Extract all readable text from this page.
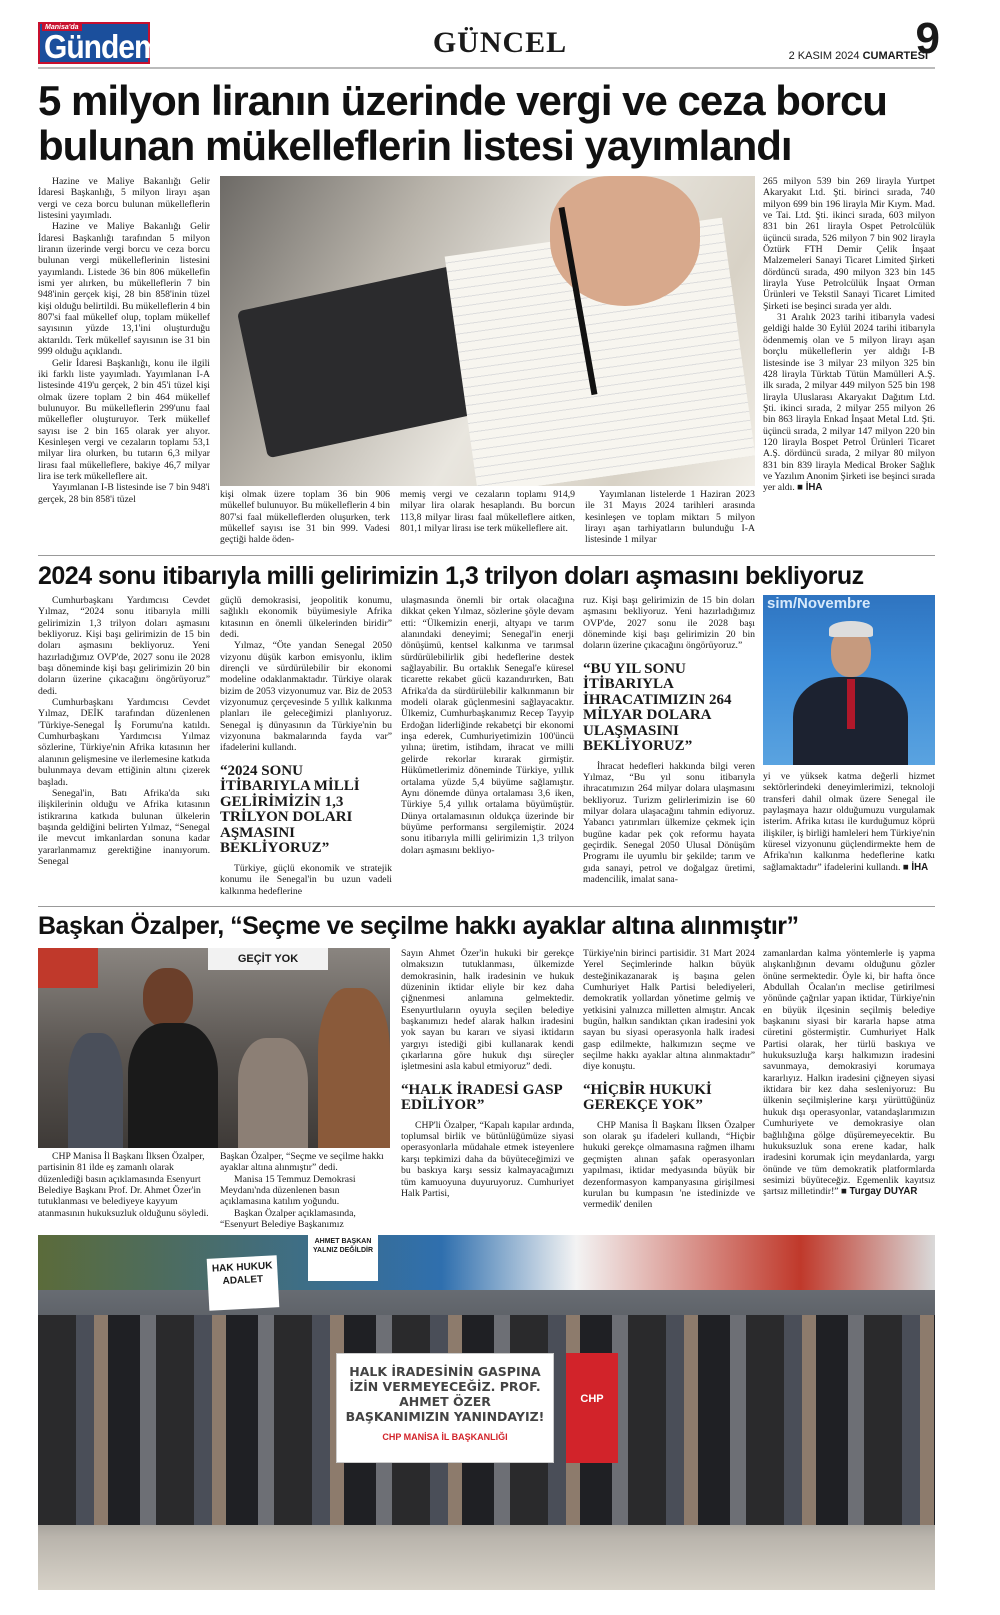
Manisa'da
Gündem	GÜNCEL	2 KASIM 2024 CUMARTESİ
9
5 milyon liranın üzerinde vergi ve ceza borcu bulunan mükelleflerin listesi yayımlandı

Hazine ve Maliye Bakanlığı Gelir İdaresi Başkanlığı, 5 milyon lirayı aşan vergi ve ceza borcu bulunan mükelleflerin listesini yayımladı.

Hazine ve Maliye Bakanlığı Gelir İdaresi Başkanlığı tarafından 5 milyon liranın üzerinde vergi borcu ve ceza borcu bulunan vergi mükelleflerinin listesini yayımlandı. Listede 36 bin 806 mükellefin ismi yer alırken, bu mükelleflerin 7 bin 948'inin gerçek kişi, 28 bin 858'inin tüzel kişi olduğu belirtildi. Bu mükelleflerin 4 bin 807'si faal mükellef olup, toplam mükellef sayısının yüzde 13,1'ini oluşturduğu aktarıldı. Terk mükellef sayısının ise 31 bin 999 olduğu açıklandı.

Gelir İdaresi Başkanlığı, konu ile ilgili iki farklı liste yayımladı. Yayımlanan I-A listesinde 419'u gerçek, 2 bin 45'i tüzel kişi olmak üzere toplam 2 bin 464 mükellef bulunuyor. Bu mükelleflerin 299'unu faal mükellefler oluşturuyor. Terk mükellef sayısı ise 2 bin 165 olarak yer alıyor. Kesinleşen vergi ve cezaların toplamı 53,1 milyar lira olurken, bu tutarın 6,3 milyar lirası faal mükelleflere, bakiye 46,7 milyar lira ise terk mükelleflere ait.

Yayımlanan I-B listesinde ise 7 bin 948'i gerçek, 28 bin 858'i tüzel	kişi olmak üzere toplam 36 bin 906 mükellef bulunuyor. Bu mükelleflerin 4 bin 807'si faal mükelleflerden oluşurken, terk mükellef sayısı ise 31 bin 999. Vadesi geçtiği halde öden-

memiş vergi ve cezaların toplamı 914,9 milyar lira olarak hesaplandı. Bu borcun 113,8 milyar lirası faal mükelleflere aitken, 801,1 milyar lirası ise terk mükelleflere ait.

Yayımlanan listelerde 1 Haziran 2023 ile 31 Mayıs 2024 tarihleri arasında kesinleşen ve toplam miktarı 5 milyon lirayı aşan tarhiyatların bulunduğu I-A listesinde 1 milyar

265 milyon 539 bin 269 lirayla Yurtpet Akaryakıt Ltd. Şti. birinci sırada, 740 milyon 699 bin 196 lirayla Mir Kıym. Mad. ve Tai. Ltd. Şti. ikinci sırada, 603 milyon 831 bin 261 lirayla Ospet Petrolcülük üçüncü sırada, 526 milyon 7 bin 902 lirayla Öztürk FTH Demir Çelik İnşaat Malzemeleri Sanayi Ticaret Limited Şirketi dördüncü sırada, 490 milyon 323 bin 145 lirayla Yuse Petrolcülük İnşaat Orman Ürünleri ve Tekstil Sanayi Ticaret Limited Şirketi ise beşinci sırada yer aldı.

31 Aralık 2023 tarihi itibarıyla vadesi geldiği halde 30 Eylül 2024 tarihi itibarıyla ödenmemiş olan ve 5 milyon lirayı aşan borçlu mükelleflerin yer aldığı I-B listesinde ise 3 milyar 23 milyon 325 bin 428 lirayla Türktab Tütün Mamülleri A.Ş. ilk sırada, 2 milyar 449 milyon 525 bin 198 lirayla Uluslarası Akaryakıt Dağıtım Ltd. Şti. ikinci sırada, 2 milyar 255 milyon 26 bin 863 lirayla Enkad İnşaat Metal Ltd. Şti. üçüncü sırada, 2 milyar 147 milyon 220 bin 120 lirayla Bospet Petrol Ürünleri Ticaret A.Ş. dördüncü sırada, 2 milyar 80 milyon 831 bin 839 lirayla Medical Broker Sağlık ve Yazılım Anonim Şirketi ise beşinci sırada yer aldı. ■ İHA

2024 sonu itibarıyla milli gelirimizin 1,3 trilyon doları aşmasını bekliyoruz

Cumhurbaşkanı Yardımcısı Cevdet Yılmaz, “2024 sonu itibarıyla milli gelirimizin 1,3 trilyon doları aşmasını bekliyoruz. Kişi başı gelirimizin de 15 bin doları aşmasını bekliyoruz. Yeni hazırladığımız OVP'de, 2027 sonu ile 2028 başı döneminde kişi başı gelirimizin 20 bin doların üzerine çıkacağını öngörüyoruz” dedi.

Cumhurbaşkanı Yardımcısı Cevdet Yılmaz, DEİK tarafından düzenlenen 'Türkiye-Senegal İş Forumu'na katıldı. Cumhurbaşkanı Yardımcısı Yılmaz sözlerine, Türkiye'nin Afrika kıtasının her alanının gelişmesine ve ilerlemesine katkıda bulunmaya devam ettiğinin altını çizerek başladı.

Senegal'in, Batı Afrika'da sıkı ilişkilerinin olduğu ve Afrika kıtasının istikrarına katkıda bulunan ülkelerin başında geldiğini belirten Yılmaz, “Senegal ile mevcut imkanlardan sonuna kadar yararlanmamız gerektiğine inanıyorum. Senegal

güçlü demokrasisi, jeopolitik konumu, sağlıklı ekonomik büyümesiyle Afrika kıtasının en önemli ülkelerinden biridir” dedi.

Yılmaz, “Öte yandan Senegal 2050 vizyonu düşük karbon emisyonlu, iklim dirençli ve sürdürülebilir bir ekonomi modeline odaklanmaktadır. Türkiye olarak bizim de 2053 vizyonumuz var. Biz de 2053 vizyonumuz çerçevesinde 5 yıllık kalkınma planları ile geleceğimizi planlıyoruz. Senegal iş dünyasının da Türkiye'nin bu vizyonuna bakmalarında fayda var” ifadelerini kullandı.

“2024 SONU İTİBARIYLA MİLLİ GELİRİMİZİN 1,3 TRİLYON DOLARI AŞMASINI BEKLİYORUZ”

Türkiye, güçlü ekonomik ve stratejik konumu ile Senegal'in bu uzun vadeli kalkınma hedeflerine

ulaşmasında önemli bir ortak olacağına dikkat çeken Yılmaz, sözlerine şöyle devam etti: “Ülkemizin enerji, altyapı ve tarım alanındaki deneyimi; Senegal'in enerji dönüşümü, kentsel kalkınma ve tarımsal sürdürülebilirlik gibi hedeflerine destek sağlayabilir. Bu ortaklık Senegal'e küresel ticarette rekabet gücü kazandırırken, Batı Afrika'da da sürdürülebilir kalkınmanın bir modeli olarak güçlenmesini sağlayacaktır. Ülkemiz, Cumhurbaşkanımız Recep Tayyip Erdoğan liderliğinde rekabetçi bir ekonomi inşa ederek, Cumhuriyetimizin 100'üncü yılına; üretim, istihdam, ihracat ve milli gelirde rekorlar kırarak girmiştir. Hükümetlerimiz döneminde Türkiye, yıllık ortalama yüzde 5,4 büyüme sağlamıştır. Aynı dönemde dünya ortalaması 3,6 iken, Türkiye 5,4 yıllık ortalama büyümüştür. Dünya ortalamasının oldukça üzerinde bir büyüme performansı sergilemiştir. 2024 sonu itibarıyla milli gelirimizin 1,3 trilyon doları aşmasını bekliyo-

ruz. Kişi başı gelirimizin de 15 bin doları aşmasını bekliyoruz. Yeni hazırladığımız OVP'de, 2027 sonu ile 2028 başı döneminde kişi başı gelirimizin 20 bin doların üzerine çıkacağını öngörüyoruz.”

“BU YIL SONU İTİBARIYLA İHRACATIMIZIN 264 MİLYAR DOLARA ULAŞMASINI BEKLİYORUZ”

İhracat hedefleri hakkında bilgi veren Yılmaz, “Bu yıl sonu itibarıyla ihracatımızın 264 milyar dolara ulaşmasını bekliyoruz. Turizm gelirlerimizin ise 60 milyar dolara ulaşacağını tahmin ediyoruz. Yabancı yatırımları ülkemize çekmek için bugüne kadar pek çok reformu hayata geçirdik. Senegal 2050 Ulusal Dönüşüm Programı ile uyumlu bir şekilde; tarım ve gıda sanayi, petrol ve doğalgaz üretimi, madencilik, imalat sana-

sim/Novembre

yi ve yüksek katma değerli hizmet sektörlerindeki deneyimlerimizi, teknoloji transferi dahil olmak üzere Senegal ile paylaşmaya hazır olduğumuzu vurgulamak isterim. Afrika kıtası ile kurduğumuz köprü ilişkiler, iş birliği hamleleri hem Türkiye'nin küresel vizyonunu güçlendirmekte hem de Afrika'nın kalkınma hedeflerine katkı sağlamaktadır” ifadelerini kullandı. ■ İHA

Başkan Özalper, “Seçme ve seçilme hakkı ayaklar altına alınmıştır”
GEÇİT YOK

CHP Manisa İl Başkanı İlksen Özalper, partisinin 81 ilde eş zamanlı olarak düzenlediği basın açıklamasında Esenyurt Belediye Başkanı Prof. Dr. Ahmet Özer'in tutuklanması ve belediyeye kayyum atanmasının hukuksuzluk olduğunu söyledi.

Başkan Özalper, “Seçme ve seçilme hakkı ayaklar altına alınmıştır” dedi.

Manisa 15 Temmuz Demokrasi Meydanı'nda düzenlenen basın açıklamasına katılım yoğundu.

Başkan Özalper açıklamasında, “Esenyurt Belediye Başkanımız

Sayın Ahmet Özer'in hukuki bir gerekçe olmaksızın tutuklanması, ülkemizde demokrasinin, halk iradesinin ve hukuk düzeninin iktidar eliyle bir kez daha çiğnenmesi anlamına gelmektedir. Esenyurtluların oyuyla seçilen belediye başkanımızı hedef alarak halkın iradesini yok sayan bu kararı ve siyasi iktidarın yargıyı istediği gibi kullanarak kendi çıkarlarına göre hukuk dışı süreçler işletmesini asla kabul etmiyoruz” dedi.

“HALK İRADESİ GASP EDİLİYOR”

CHP'li Özalper, “Kapalı kapılar ardında, toplumsal birlik ve bütünlüğümüze siyasi operasyonlarla müdahale etmek isteyenlere karşı tepkimizi daha da büyüteceğimizi ve bu baskıya karşı sessiz kalmayacağımızı tüm kamuoyuna duyuruyoruz. Cumhuriyet Halk Partisi,

Türkiye'nin birinci partisidir. 31 Mart 2024 Yerel Seçimlerinde halkın büyük desteğinikazanarak iş başına gelen Cumhuriyet Halk Partisi belediyeleri, demokratik yollardan yönetime gelmiş ve yetkisini yalnızca milletten almıştır. Ancak bugün, halkın sandıktan çıkan iradesini yok sayan bu siyasi operasyonla halk iradesi gasp edilmekte, halkımızın seçme ve seçilme hakkı ayaklar altına alınmaktadır” diye konuştu.

“HİÇBİR HUKUKİ GEREKÇE YOK”

CHP Manisa İl Başkanı İlksen Özalper son olarak şu ifadeleri kullandı, “Hiçbir hukuki gerekçe olmamasına rağmen ilhamı geçmişten alınan şafak operasyonları yapılması, iktidar medyasında büyük bir dezenformasyon kampanyasına girişilmesi kurulan bu kumpasın 'ne istedinizde ve vermedik' denilen

zamanlardan kalma yöntemlerle iş yapma alışkanlığının devamı olduğunu gözler önüne sermektedir. Öyle ki, bir hafta önce Abdullah Öcalan'ın meclise getirilmesi yönünde çağrılar yapan iktidar, Türkiye'nin en büyük ilçesinin seçilmiş belediye başkanını siyasi bir kararla hapse atma cüretini göstermiştir. Cumhuriyet Halk Partisi olarak, her türlü baskıya ve hukuksuzluğa karşı halkımızın iradesini savunmaya, demokrasiyi korumaya kararlıyız. Halkın iradesini çiğneyen siyasi iktidara bir kez daha sesleniyoruz: Bu ülkenin seçilmişlerine karşı yürüttüğünüz hukuk dışı operasyonlar, vatandaşlarımızın Cumhuriyete ve demokrasiye olan bağlılığına gölge düşüremeyecektir. Bu hukuksuzluk sona erene kadar, halk iradesini korumak için meydanlarda, yargı önünde ve tüm demokratik platformlarda sesimizi büyüteceğiz. Egemenlik kayıtsız şartsız milletindir!” ■ Turgay DUYAR

HAK HUKUK ADALET
AHMET BAŞKAN YALNIZ DEĞİLDİR
HALK İRADESİNİN GASPINA İZİN VERMEYECEĞİZ. PROF. AHMET ÖZER BAŞKANIMIZIN YANINDAYIZ!
CHP MANİSA İL BAŞKANLIĞI
CHP
